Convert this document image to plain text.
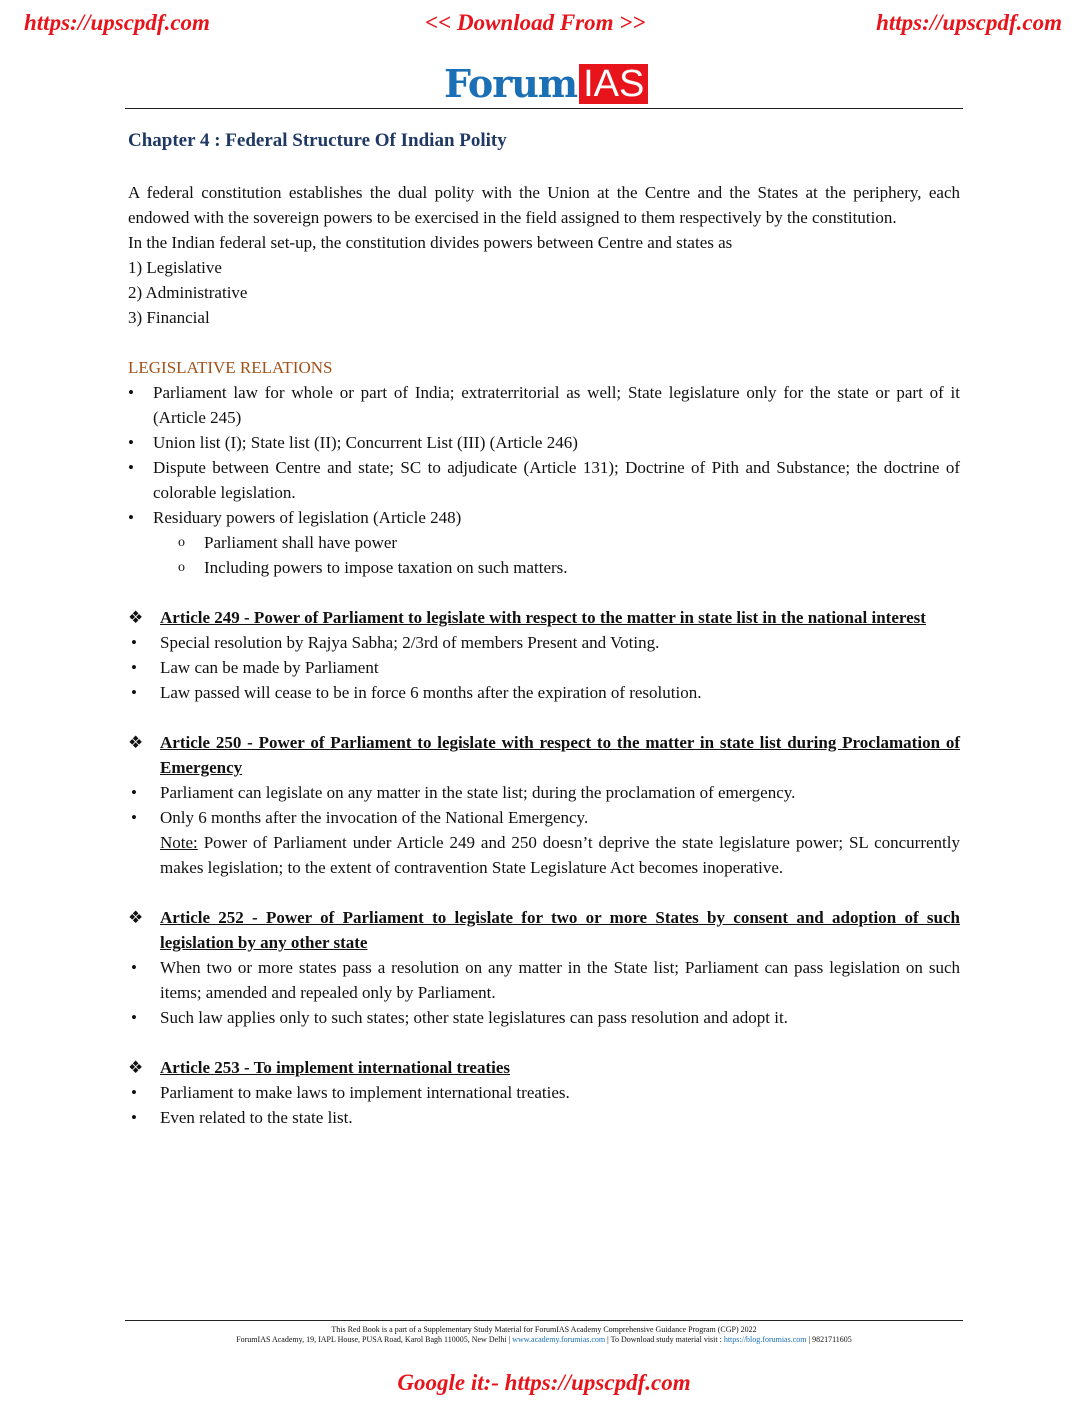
https://upscpdf.com	<< Download From >>	https://upscpdf.com
Forum IAS
Chapter 4 : Federal Structure Of Indian Polity
A federal constitution establishes the dual polity with the Union at the Centre and the States at the periphery, each endowed with the sovereign powers to be exercised in the field assigned to them respectively by the constitution.
In the Indian federal set-up, the constitution divides powers between Centre and states as
1) Legislative
2) Administrative
3) Financial
LEGISLATIVE RELATIONS
• Parliament law for whole or part of India; extraterritorial as well; State legislature only for the state or part of it (Article 245)
• Union list (I); State list (II); Concurrent List (III) (Article 246)
• Dispute between Centre and state; SC to adjudicate (Article 131); Doctrine of Pith and Substance; the doctrine of colorable legislation.
• Residuary powers of legislation (Article 248)
o Parliament shall have power
o Including powers to impose taxation on such matters.
❖ Article 249 - Power of Parliament to legislate with respect to the matter in state list in the national interest
• Special resolution by Rajya Sabha; 2/3rd of members Present and Voting.
• Law can be made by Parliament
• Law passed will cease to be in force 6 months after the expiration of resolution.
❖ Article 250 - Power of Parliament to legislate with respect to the matter in state list during Proclamation of Emergency
• Parliament can legislate on any matter in the state list; during the proclamation of emergency.
• Only 6 months after the invocation of the National Emergency.
Note: Power of Parliament under Article 249 and 250 doesn’t deprive the state legislature power; SL concurrently makes legislation; to the extent of contravention State Legislature Act becomes inoperative.
❖ Article 252 - Power of Parliament to legislate for two or more States by consent and adoption of such legislation by any other state
• When two or more states pass a resolution on any matter in the State list; Parliament can pass legislation on such items; amended and repealed only by Parliament.
• Such law applies only to such states; other state legislatures can pass resolution and adopt it.
❖ Article 253 - To implement international treaties
• Parliament to make laws to implement international treaties.
• Even related to the state list.
This Red Book is a part of a Supplementary Study Material for ForumIAS Academy Comprehensive Guidance Program (CGP) 2022
ForumIAS Academy, 19, IAPL House, PUSA Road, Karol Bagh 110005, New Delhi | www.academy.forumias.com | To Download study material visit : https://blog.forumias.com | 9821711605
Google it:- https://upscpdf.com
